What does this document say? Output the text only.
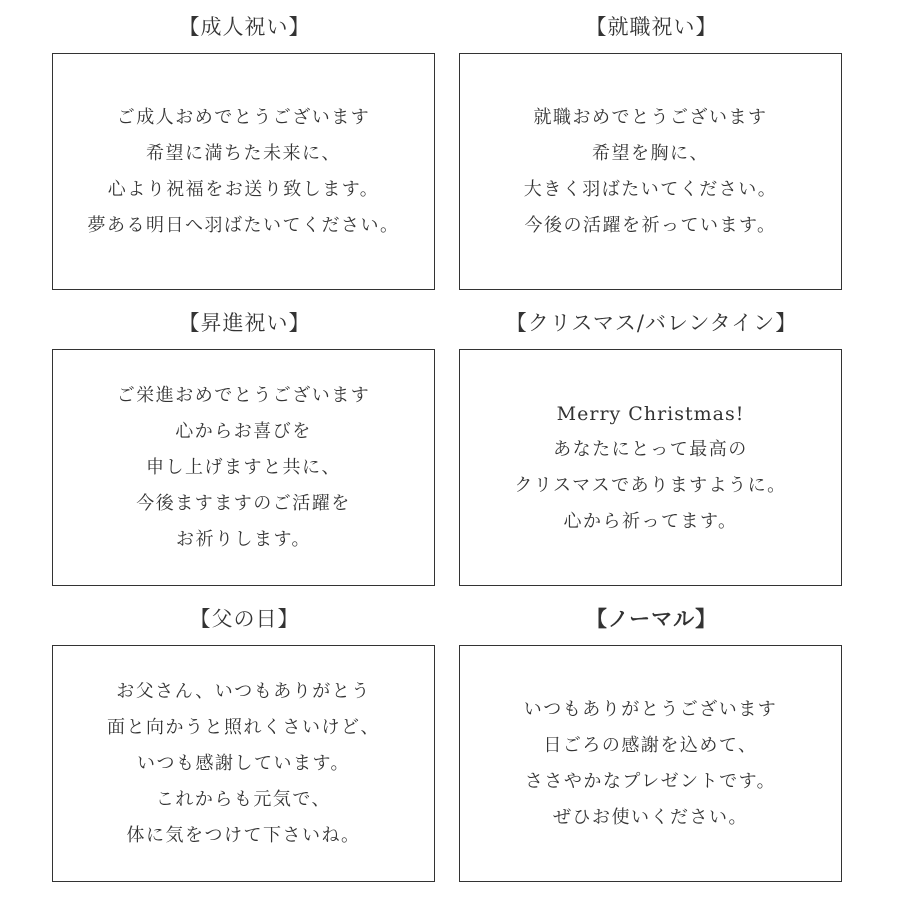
【成人祝い】
ご成人おめでとうございます
希望に満ちた未来に、
心より祝福をお送り致します。
夢ある明日へ羽ばたいてください。
【就職祝い】
就職おめでとうございます
希望を胸に、
大きく羽ばたいてください。
今後の活躍を祈っています。
【昇進祝い】
ご栄進おめでとうございます
心からお喜びを
申し上げますと共に、
今後ますますのご活躍を
お祈りします。
【クリスマス/バレンタイン】
Merry Christmas!
あなたにとって最高の
クリスマスでありますように。
心から祈ってます。
【父の日】
お父さん、いつもありがとう
面と向かうと照れくさいけど、
いつも感謝しています。
これからも元気で、
体に気をつけて下さいね。
【ノーマル】
いつもありがとうございます
日ごろの感謝を込めて、
ささやかなプレゼントです。
ぜひお使いください。
